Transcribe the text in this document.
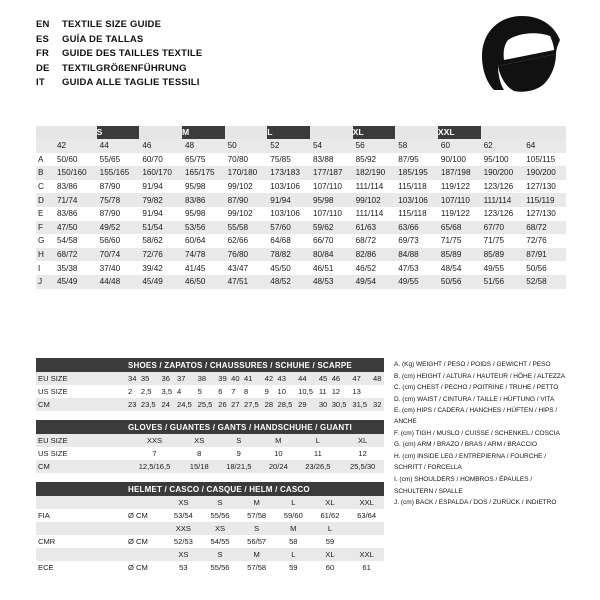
EN	TEXTILE SIZE GUIDE
ES	GUÍA DE TALLAS
FR	GUIDE DES TAILLES TEXTILE
DE	TEXTILGRÖßENFÜHRUNG
IT	GUIDA ALLE TAGLIE TESSILI
		S		M		L		XL		XXL		
	42	44	46	48	50	52	54	56	58	60	62	64
A	50/60	55/65	60/70	65/75	70/80	75/85	83/88	85/92	87/95	90/100	95/100	105/115
B	150/160	155/165	160/170	165/175	170/180	173/183	177/187	182/190	185/195	187/198	190/200	190/200
C	83/86	87/90	91/94	95/98	99/102	103/106	107/110	111/114	115/118	119/122	123/126	127/130
D	71/74	75/78	79/82	83/86	87/90	91/94	95/98	99/102	103/106	107/110	111/114	115/119
E	83/86	87/90	91/94	95/98	99/102	103/106	107/110	111/114	115/118	119/122	123/126	127/130
F	47/50	49/52	51/54	53/56	55/58	57/60	59/62	61/63	63/66	65/68	67/70	68/72
G	54/58	56/60	58/62	60/64	62/66	64/68	66/70	68/72	69/73	71/75	71/75	72/76
H	68/72	70/74	72/76	74/78	76/80	78/82	80/84	82/86	84/88	85/89	85/89	87/91
I	35/38	37/40	39/42	41/45	43/47	45/50	46/51	46/52	47/53	48/54	49/55	50/56
J	45/49	44/48	45/49	46/50	47/51	48/52	48/53	49/54	49/55	50/56	51/56	52/58
SHOES / ZAPATOS / CHAUSSURES / SCHUHE / SCARPE
EU SIZE	34	35	36	37	38	39	40	41	42	43	44	45	46	47	48
US SIZE	2	2,5	3,5	4	5	6	7	8	9	10	10,5	11	12	13	
CM	23	23,5	24	24,5	25,5	26	27	27,5	28	28,5	29	30	30,5	31,5	32
GLOVES / GUANTES / GANTS / HANDSCHUHE / GUANTI
EU SIZE	XXS	XS	S	M	L	XL
US SIZE	7	8	9	10	11	12
CM	12,5/16,5	15/18	18/21,5	20/24	23/26,5	25,5/30
HELMET / CASCO / CASQUE / HELM / CASCO
		XS	S	M	L	XL	XXL
FIA	Ø CM	53/54	55/56	57/58	59/60	61/62	63/64
		XXS	XS	S	M	L	
CMR	Ø CM	52/53	54/55	56/57	58	59	
		XS	S	M	L	XL	XXL
ECE	Ø CM	53	55/56	57/58	59	60	61
A. (Kg) WEIGHT / PESO / POIDS / GEWICHT / PESO
B. (cm) HEIGHT / ALTURA / HAUTEUR / HÖHE / ALTEZZA
C. (cm) CHEST / PECHO / POITRINE / TRUHE / PETTO
D. (cm) WAIST / CINTURA / TAILLE / HÜFTUNG / VITA
E. (cm) HIPS / CADERA / HANCHES / HÜFTEN / HIPS / ANCHE
F. (cm) TIGH / MUSLO / CUISSE / SCHENKEL / COSCIA
G. (cm) ARM / BRAZO / BRAS / ARM / BRACCIO
H. (cm) INSIDE LEG / ENTREPIERNA / FOURCHE /
SCHRITT / FORCELLA
I. (cm) SHOULDERS / HOMBROS / ÉPAULES /
SCHULTERN / SPALLE
J. (cm) BACK / ESPALDA / DOS / ZURÜCK / INDIETRO
